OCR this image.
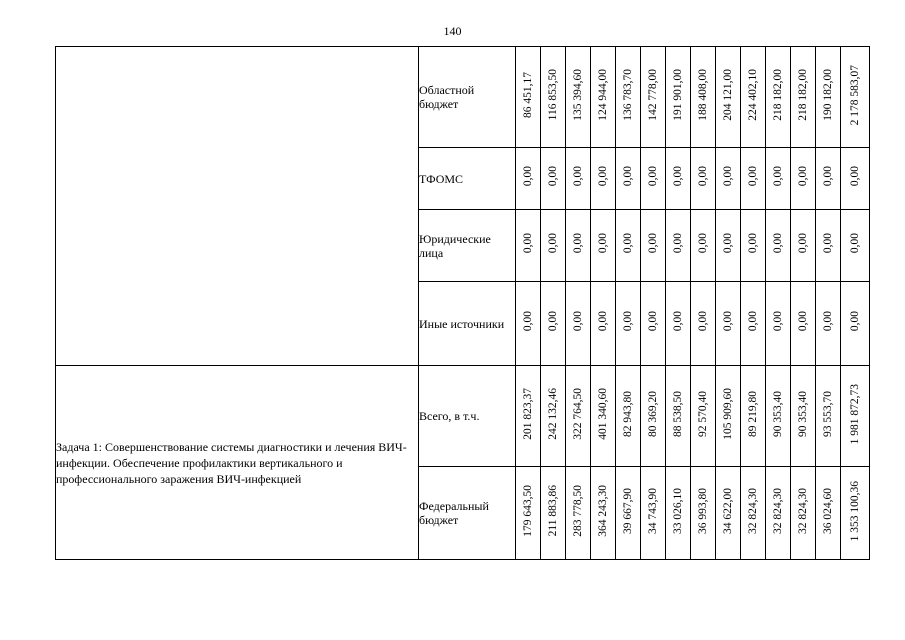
140
	Областной бюджет	86 451,17	116 853,50	135 394,60	124 944,00	136 783,70	142 778,00	191 901,00	188 408,00	204 121,00	224 402,10	218 182,00	218 182,00	190 182,00	2 178 583,07
	ТФОМС	0,00	0,00	0,00	0,00	0,00	0,00	0,00	0,00	0,00	0,00	0,00	0,00	0,00	0,00
	Юридические лица	0,00	0,00	0,00	0,00	0,00	0,00	0,00	0,00	0,00	0,00	0,00	0,00	0,00	0,00
	Иные источники	0,00	0,00	0,00	0,00	0,00	0,00	0,00	0,00	0,00	0,00	0,00	0,00	0,00	0,00
Задача 1: Совершенствование системы диагностики и лечения ВИЧ-инфекции. Обеспечение профилактики вертикального и профессионального заражения ВИЧ-инфекцией	Всего, в т.ч.	201 823,37	242 132,46	322 764,50	401 340,60	82 943,80	80 369,20	88 538,50	92 570,40	105 909,60	89 219,80	90 353,40	90 353,40	93 553,70	1 981 872,73
	Федеральный бюджет	179 643,50	211 883,86	283 778,50	364 243,30	39 667,90	34 743,90	33 026,10	36 993,80	34 622,00	32 824,30	32 824,30	32 824,30	36 024,60	1 353 100,36
